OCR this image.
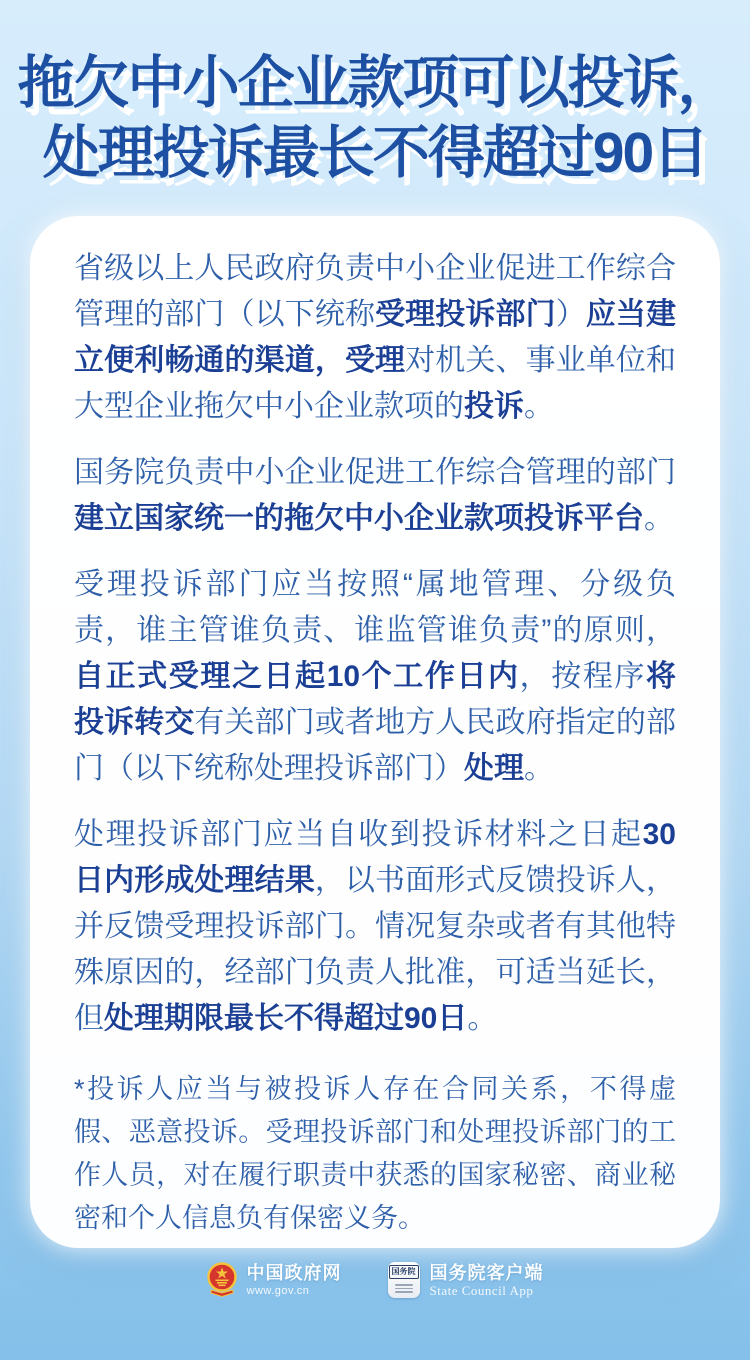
拖欠中小企业款项可以投诉，
处理投诉最长不得超过90日

省级以上人民政府负责中小企业促进工作综合管理的部门（以下统称受理投诉部门）应当建立便利畅通的渠道，受理对机关、事业单位和大型企业拖欠中小企业款项的投诉。

国务院负责中小企业促进工作综合管理的部门建立国家统一的拖欠中小企业款项投诉平台。

受理投诉部门应当按照“属地管理、分级负责，谁主管谁负责、谁监管谁负责”的原则，自正式受理之日起10个工作日内，按程序将投诉转交有关部门或者地方人民政府指定的部门（以下统称处理投诉部门）处理。

处理投诉部门应当自收到投诉材料之日起30日内形成处理结果，以书面形式反馈投诉人，并反馈受理投诉部门。情况复杂或者有其他特殊原因的，经部门负责人批准，可适当延长，但处理期限最长不得超过90日。

*投诉人应当与被投诉人存在合同关系，不得虚假、恶意投诉。受理投诉部门和处理投诉部门的工作人员，对在履行职责中获悉的国家秘密、商业秘密和个人信息负有保密义务。

中国政府网
www.gov.cn
国务院 国务院客户端
State Council App
